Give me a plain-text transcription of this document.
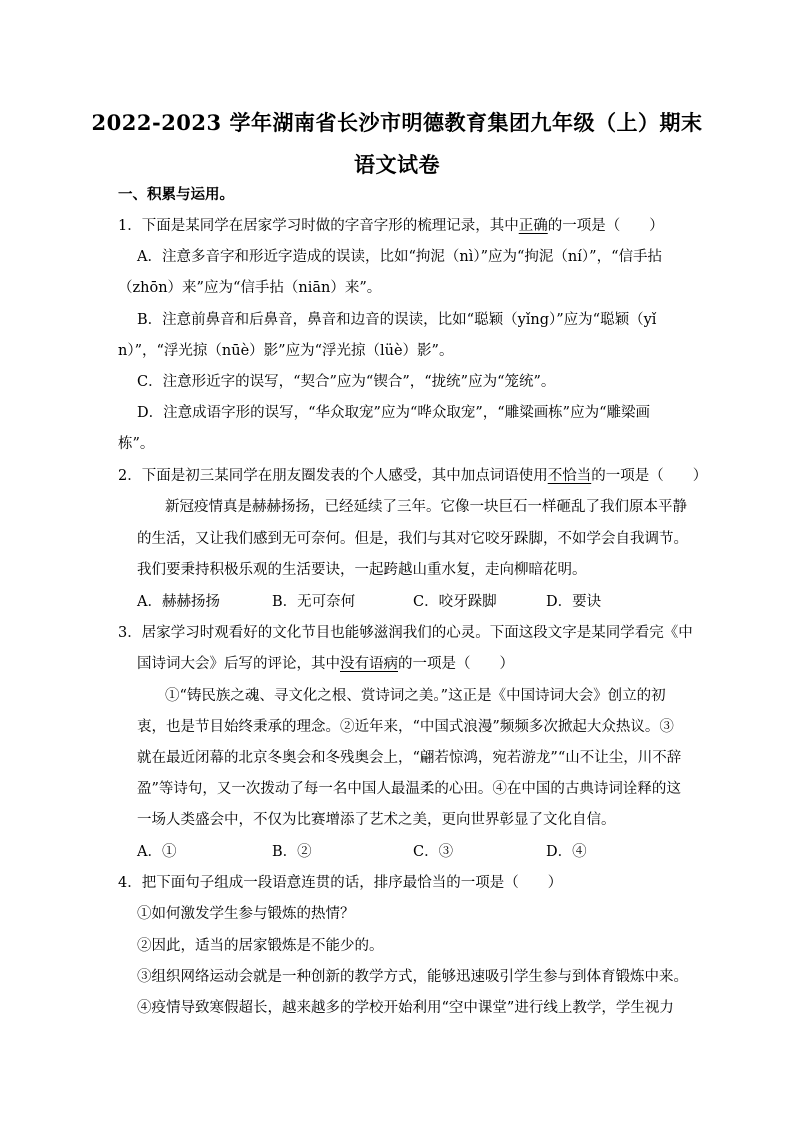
2022-2023 学年湖南省长沙市明德教育集团九年级（上）期末
语文试卷
一、积累与运用。
1．下面是某同学在居家学习时做的字音字形的梳理记录，其中正确的一项是（　　）
A．注意多音字和形近字造成的误读，比如“拘泥（nì）”应为“拘泥（ní）”，“信手拈
（zhōn）来”应为“信手拈（niān）来”。
B．注意前鼻音和后鼻音，鼻音和边音的误读，比如“聪颖（yǐng）”应为“聪颖（yǐ
n）”，“浮光掠（nūè）影”应为“浮光掠（lüè）影”。
C．注意形近字的误写，“契合”应为“锲合”，“拢统”应为“笼统”。
D．注意成语字形的误写，“华众取宠”应为“哗众取宠”，“雕粱画栋”应为“雕梁画
栋”。
2．下面是初三某同学在朋友圈发表的个人感受，其中加点词语使用不恰当的一项是（　　）
新冠疫情真是赫赫扬扬，已经延续了三年。它像一块巨石一样砸乱了我们原本平静
的生活，又让我们感到无可奈何。但是，我们与其对它咬牙跺脚，不如学会自我调节。
我们要秉持积极乐观的生活要诀，一起跨越山重水复，走向柳暗花明。
A．赫赫扬扬	B．无可奈何	C．咬牙跺脚	D．要诀
3．居家学习时观看好的文化节目也能够滋润我们的心灵。下面这段文字是某同学看完《中
国诗词大会》后写的评论，其中没有语病的一项是（　　）
①“铸民族之魂、寻文化之根、赏诗词之美。”这正是《中国诗词大会》创立的初
衷，也是节目始终秉承的理念。②近年来，“中国式浪漫”频频多次掀起大众热议。③
就在最近闭幕的北京冬奥会和冬残奥会上，“翩若惊鸿，宛若游龙”“山不让尘，川不辞
盈”等诗句，又一次拨动了每一名中国人最温柔的心田。④在中国的古典诗词诠释的这
一场人类盛会中，不仅为比赛增添了艺术之美，更向世界彰显了文化自信。
A．①	B．②	C．③	D．④
4．把下面句子组成一段语意连贯的话，排序最恰当的一项是（　　）
①如何激发学生参与锻炼的热情？
②因此，适当的居家锻炼是不能少的。
③组织网络运动会就是一种创新的教学方式，能够迅速吸引学生参与到体育锻炼中来。
④疫情导致寒假超长，越来越多的学校开始利用“空中课堂”进行线上教学，学生视力
